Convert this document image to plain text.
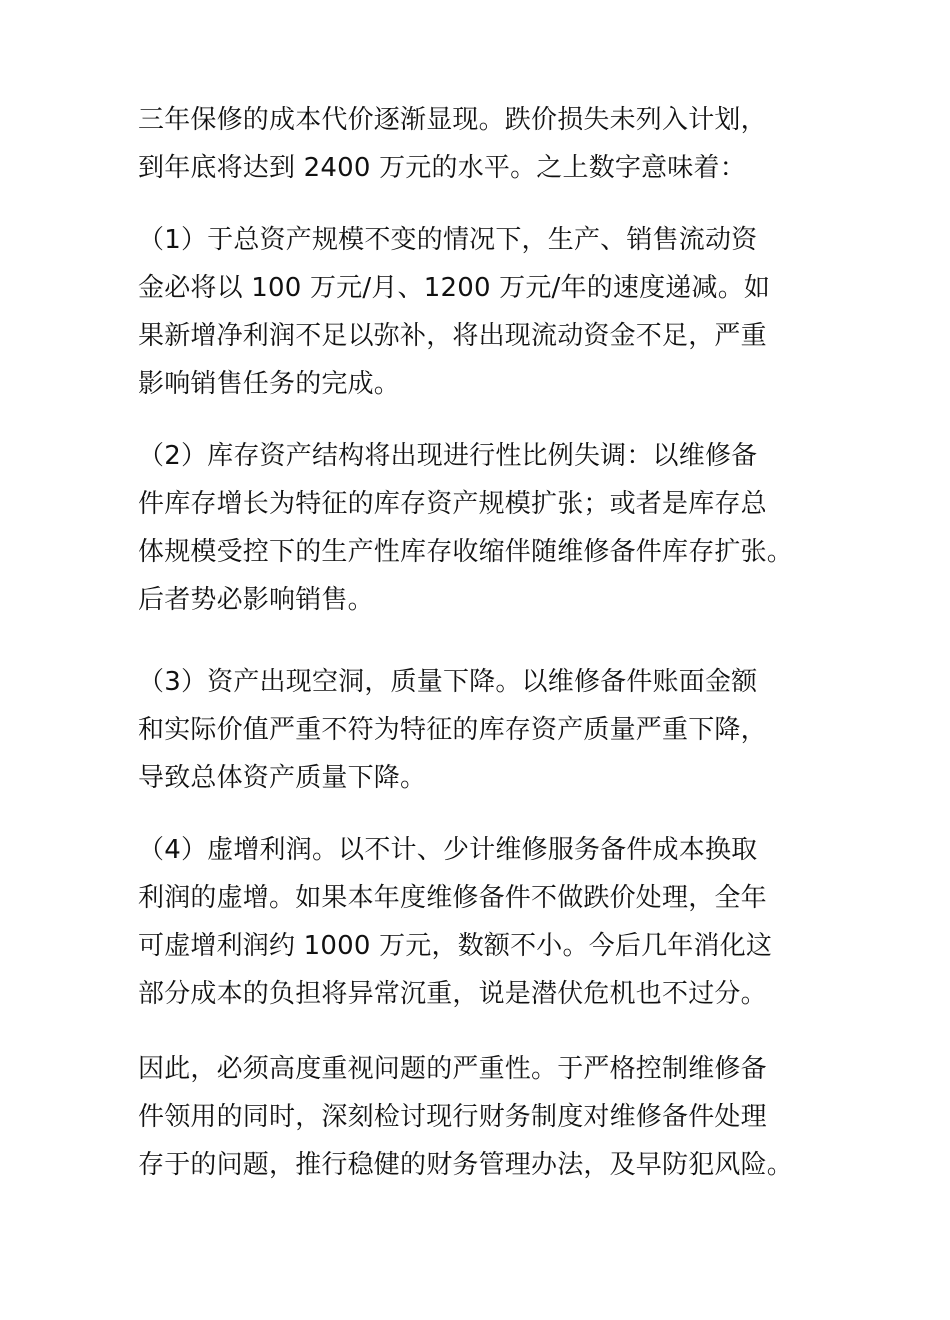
三年保修的成本代价逐渐显现。跌价损失未列入计划，
到年底将达到 2400 万元的水平。之上数字意味着：
（1）于总资产规模不变的情况下，生产、销售流动资
金必将以 100 万元/月、1200 万元/年的速度递减。如
果新增净利润不足以弥补，将出现流动资金不足，严重
影响销售任务的完成。
（2）库存资产结构将出现进行性比例失调：以维修备
件库存增长为特征的库存资产规模扩张；或者是库存总
体规模受控下的生产性库存收缩伴随维修备件库存扩张。
后者势必影响销售。
（3）资产出现空洞，质量下降。以维修备件账面金额
和实际价值严重不符为特征的库存资产质量严重下降，
导致总体资产质量下降。
（4）虚增利润。以不计、少计维修服务备件成本换取
利润的虚增。如果本年度维修备件不做跌价处理，全年
可虚增利润约 1000 万元，数额不小。今后几年消化这
部分成本的负担将异常沉重，说是潜伏危机也不过分。
因此，必须高度重视问题的严重性。于严格控制维修备
件领用的同时，深刻检讨现行财务制度对维修备件处理
存于的问题，推行稳健的财务管理办法，及早防犯风险。
